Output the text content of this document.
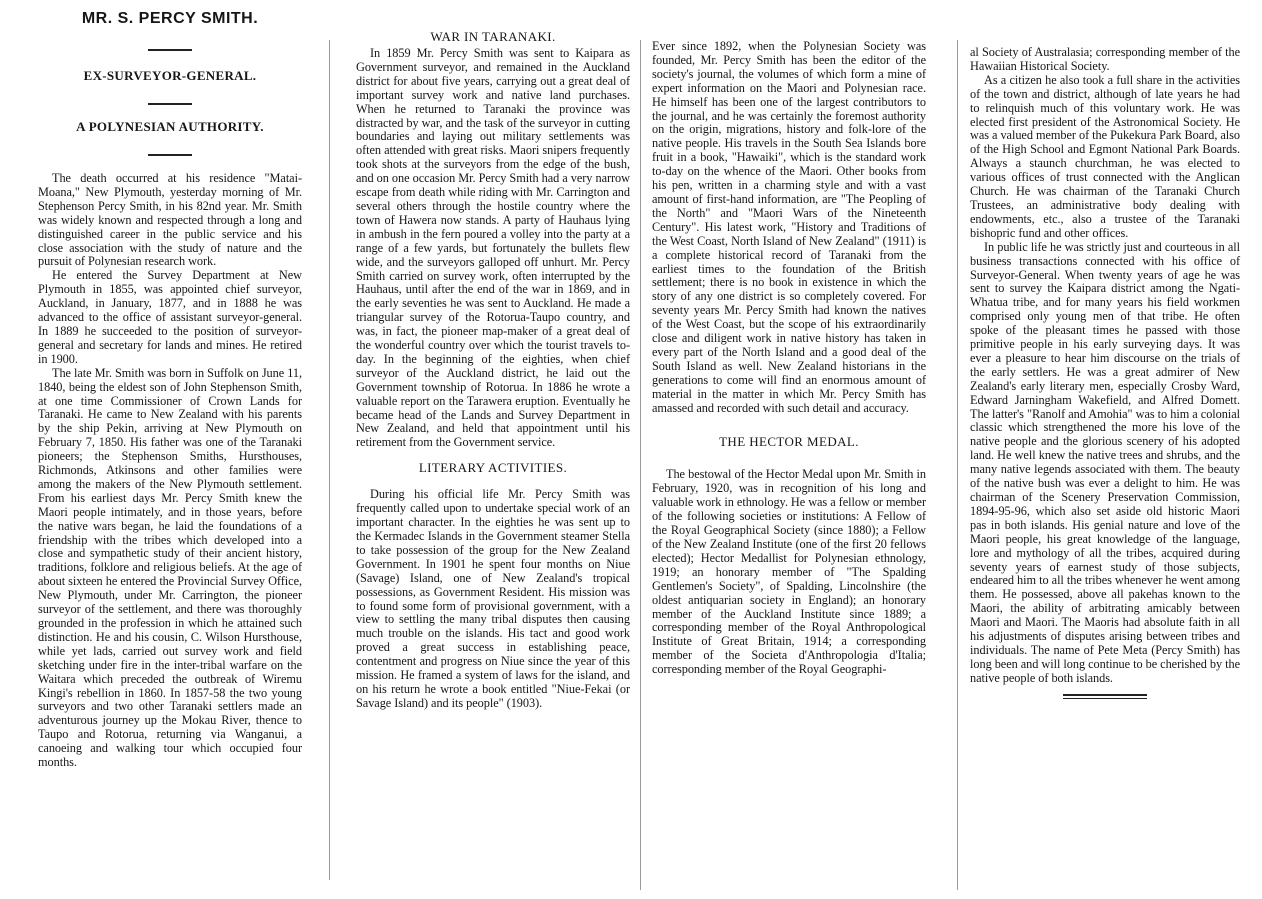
MR. S. PERCY SMITH.
EX-SURVEYOR-GENERAL.
A POLYNESIAN AUTHORITY.

The death occurred at his residence "Matai-Moana," New Plymouth, yesterday morning of Mr. Stephenson Percy Smith, in his 82nd year. Mr. Smith was widely known and respected through a long and distinguished career in the public service and his close association with the study of nature and the pursuit of Polynesian research work.

He entered the Survey Department at New Plymouth in 1855, was appointed chief surveyor, Auckland, in January, 1877, and in 1888 he was advanced to the office of assistant surveyor-general. In 1889 he succeeded to the position of surveyor-general and secretary for lands and mines. He retired in 1900.

The late Mr. Smith was born in Suffolk on June 11, 1840, being the eldest son of John Stephenson Smith, at one time Commissioner of Crown Lands for Taranaki. He came to New Zealand with his parents by the ship Pekin, arriving at New Plymouth on February 7, 1850. His father was one of the Taranaki pioneers; the Stephenson Smiths, Hursthouses, Richmonds, Atkinsons and other families were among the makers of the New Plymouth settlement. From his earliest days Mr. Percy Smith knew the Maori people intimately, and in those years, before the native wars began, he laid the foundations of a friendship with the tribes which developed into a close and sympathetic study of their ancient history, traditions, folklore and religious beliefs. At the age of about sixteen he entered the Provincial Survey Office, New Plymouth, under Mr. Carrington, the pioneer surveyor of the settlement, and there was thoroughly grounded in the profession in which he attained such distinction. He and his cousin, C. Wilson Hursthouse, while yet lads, carried out survey work and field sketching under fire in the inter-tribal warfare on the Waitara which preceded the outbreak of Wiremu Kingi's rebellion in 1860. In 1857-58 the two young surveyors and two other Taranaki settlers made an adventurous journey up the Mokau River, thence to Taupo and Rotorua, returning via Wanganui, a canoeing and walking tour which occupied four months.

WAR IN TARANAKI.

In 1859 Mr. Percy Smith was sent to Kaipara as Government surveyor, and remained in the Auckland district for about five years, carrying out a great deal of important survey work and native land purchases. When he returned to Taranaki the province was distracted by war, and the task of the surveyor in cutting boundaries and laying out military settlements was often attended with great risks. Maori snipers frequently took shots at the surveyors from the edge of the bush, and on one occasion Mr. Percy Smith had a very narrow escape from death while riding with Mr. Carrington and several others through the hostile country where the town of Hawera now stands. A party of Hauhaus lying in ambush in the fern poured a volley into the party at a range of a few yards, but fortunately the bullets flew wide, and the surveyors galloped off unhurt. Mr. Percy Smith carried on survey work, often interrupted by the Hauhaus, until after the end of the war in 1869, and in the early seventies he was sent to Auckland. He made a triangular survey of the Rotorua-Taupo country, and was, in fact, the pioneer map-maker of a great deal of the wonderful country over which the tourist travels to-day. In the beginning of the eighties, when chief surveyor of the Auckland district, he laid out the Government township of Rotorua. In 1886 he wrote a valuable report on the Tarawera eruption. Eventually he became head of the Lands and Survey Department in New Zealand, and held that appointment until his retirement from the Government service.

LITERARY ACTIVITIES.

During his official life Mr. Percy Smith was frequently called upon to undertake special work of an important character. In the eighties he was sent up to the Kermadec Islands in the Government steamer Stella to take possession of the group for the New Zealand Government. In 1901 he spent four months on Niue (Savage) Island, one of New Zealand's tropical possessions, as Government Resident. His mission was to found some form of provisional government, with a view to settling the many tribal disputes then causing much trouble on the islands. His tact and good work proved a great success in establishing peace, contentment and progress on Niue since the year of this mission. He framed a system of laws for the island, and on his return he wrote a book entitled "Niue-Fekai (or Savage Island) and its people" (1903).

Ever since 1892, when the Polynesian Society was founded, Mr. Percy Smith has been the editor of the society's journal, the volumes of which form a mine of expert information on the Maori and Polynesian race. He himself has been one of the largest contributors to the journal, and he was certainly the foremost authority on the origin, migrations, history and folk-lore of the native people. His travels in the South Sea Islands bore fruit in a book, "Hawaiki", which is the standard work to-day on the whence of the Maori. Other books from his pen, written in a charming style and with a vast amount of first-hand information, are "The Peopling of the North" and "Maori Wars of the Nineteenth Century". His latest work, "History and Traditions of the West Coast, North Island of New Zealand" (1911) is a complete historical record of Taranaki from the earliest times to the foundation of the British settlement; there is no book in existence in which the story of any one district is so completely covered. For seventy years Mr. Percy Smith had known the natives of the West Coast, but the scope of his extraordinarily close and diligent work in native history has taken in every part of the North Island and a good deal of the South Island as well. New Zealand historians in the generations to come will find an enormous amount of material in the matter in which Mr. Percy Smith has amassed and recorded with such detail and accuracy.

THE HECTOR MEDAL.

The bestowal of the Hector Medal upon Mr. Smith in February, 1920, was in recognition of his long and valuable work in ethnology. He was a fellow or member of the following societies or institutions: A Fellow of the Royal Geographical Society (since 1880); a Fellow of the New Zealand Institute (one of the first 20 fellows elected); Hector Medallist for Polynesian ethnology, 1919; an honorary member of "The Spalding Gentlemen's Society", of Spalding, Lincolnshire (the oldest antiquarian society in England); an honorary member of the Auckland Institute since 1889; a corresponding member of the Royal Anthropological Institute of Great Britain, 1914; a corresponding member of the Societa d'Anthropologia d'Italia; corresponding member of the Royal Geographi-

al Society of Australasia; corresponding member of the Hawaiian Historical Society.

As a citizen he also took a full share in the activities of the town and district, although of late years he had to relinquish much of this voluntary work. He was elected first president of the Astronomical Society. He was a valued member of the Pukekura Park Board, also of the High School and Egmont National Park Boards. Always a staunch churchman, he was elected to various offices of trust connected with the Anglican Church. He was chairman of the Taranaki Church Trustees, an administrative body dealing with endowments, etc., also a trustee of the Taranaki bishopric fund and other offices.

In public life he was strictly just and courteous in all business transactions connected with his office of Surveyor-General. When twenty years of age he was sent to survey the Kaipara district among the Ngati-Whatua tribe, and for many years his field workmen comprised only young men of that tribe. He often spoke of the pleasant times he passed with those primitive people in his early surveying days. It was ever a pleasure to hear him discourse on the trials of the early settlers. He was a great admirer of New Zealand's early literary men, especially Crosby Ward, Edward Jarningham Wakefield, and Alfred Domett. The latter's "Ranolf and Amohia" was to him a colonial classic which strengthened the more his love of the native people and the glorious scenery of his adopted land. He well knew the native trees and shrubs, and the many native legends associated with them. The beauty of the native bush was ever a delight to him. He was chairman of the Scenery Preservation Commission, 1894-95-96, which also set aside old historic Maori pas in both islands. His genial nature and love of the Maori people, his great knowledge of the language, lore and mythology of all the tribes, acquired during seventy years of earnest study of those subjects, endeared him to all the tribes whenever he went among them. He possessed, above all pakehas known to the Maori, the ability of arbitrating amicably between Maori and Maori. The Maoris had absolute faith in all his adjustments of disputes arising between tribes and individuals. The name of Pete Meta (Percy Smith) has long been and will long continue to be cherished by the native people of both islands.
